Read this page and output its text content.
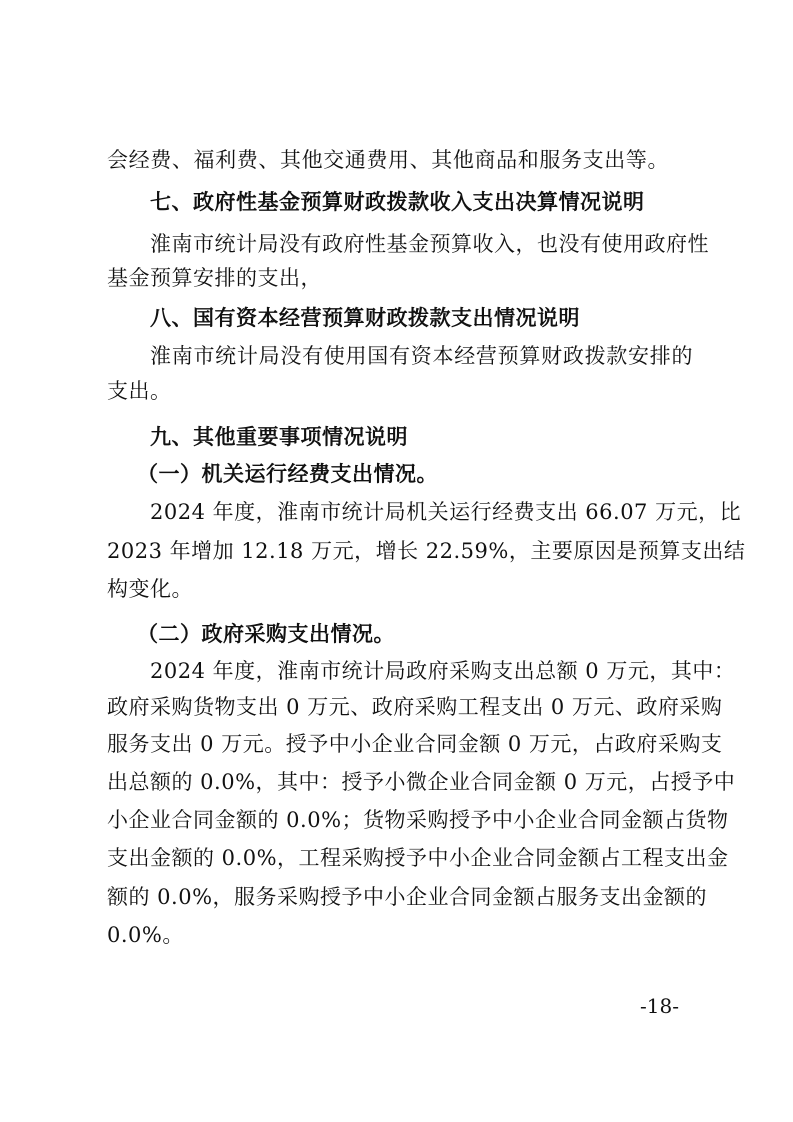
会经费、福利费、其他交通费用、其他商品和服务支出等。
七、政府性基金预算财政拨款收入支出决算情况说明
淮南市统计局没有政府性基金预算收入，也没有使用政府性
基金预算安排的支出，
八、国有资本经营预算财政拨款支出情况说明
淮南市统计局没有使用国有资本经营预算财政拨款安排的
支出。
九、其他重要事项情况说明
（一）机关运行经费支出情况。
2024 年度，淮南市统计局机关运行经费支出 66.07 万元，比
2023 年增加 12.18 万元，增长 22.59%，主要原因是预算支出结
构变化。
（二）政府采购支出情况。
2024 年度，淮南市统计局政府采购支出总额 0 万元，其中：
政府采购货物支出 0 万元、政府采购工程支出 0 万元、政府采购
服务支出 0 万元。授予中小企业合同金额 0 万元，占政府采购支
出总额的 0.0%，其中：授予小微企业合同金额 0 万元，占授予中
小企业合同金额的 0.0%；货物采购授予中小企业合同金额占货物
支出金额的 0.0%，工程采购授予中小企业合同金额占工程支出金
额的 0.0%，服务采购授予中小企业合同金额占服务支出金额的
0.0%。
-18-
